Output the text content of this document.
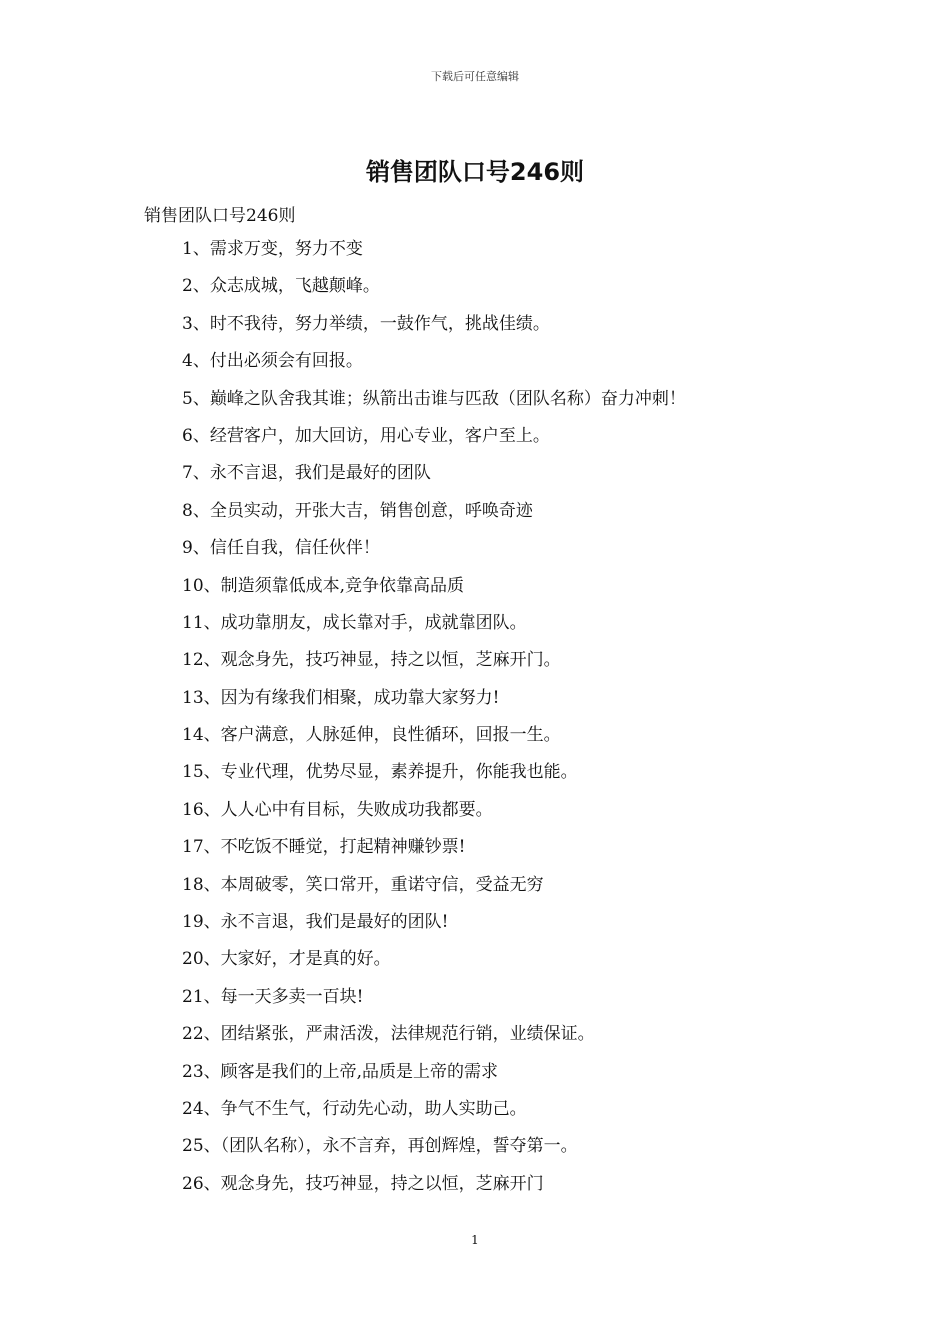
下载后可任意编辑
销售团队口号246则
销售团队口号246则
1、需求万变，努力不变
2、众志成城，飞越颠峰。
3、时不我待，努力举绩，一鼓作气，挑战佳绩。
4、付出必须会有回报。
5、巅峰之队舍我其谁；纵箭出击谁与匹敌（团队名称）奋力冲刺！
6、经营客户，加大回访，用心专业，客户至上。
7、永不言退，我们是最好的团队
8、全员实动，开张大吉，销售创意，呼唤奇迹
9、信任自我，信任伙伴！
10、制造须靠低成本,竞争依靠高品质
11、成功靠朋友，成长靠对手，成就靠团队。
12、观念身先，技巧神显，持之以恒，芝麻开门。
13、因为有缘我们相聚，成功靠大家努力!
14、客户满意，人脉延伸，良性循环，回报一生。
15、专业代理，优势尽显，素养提升，你能我也能。
16、人人心中有目标，失败成功我都要。
17、不吃饭不睡觉，打起精神赚钞票!
18、本周破零，笑口常开，重诺守信，受益无穷
19、永不言退，我们是最好的团队!
20、大家好，才是真的好。
21、每一天多卖一百块!
22、团结紧张，严肃活泼，法律规范行销，业绩保证。
23、顾客是我们的上帝,品质是上帝的需求
24、争气不生气，行动先心动，助人实助己。
25、（团队名称），永不言弃，再创辉煌，誓夺第一。
26、观念身先，技巧神显，持之以恒，芝麻开门
1
